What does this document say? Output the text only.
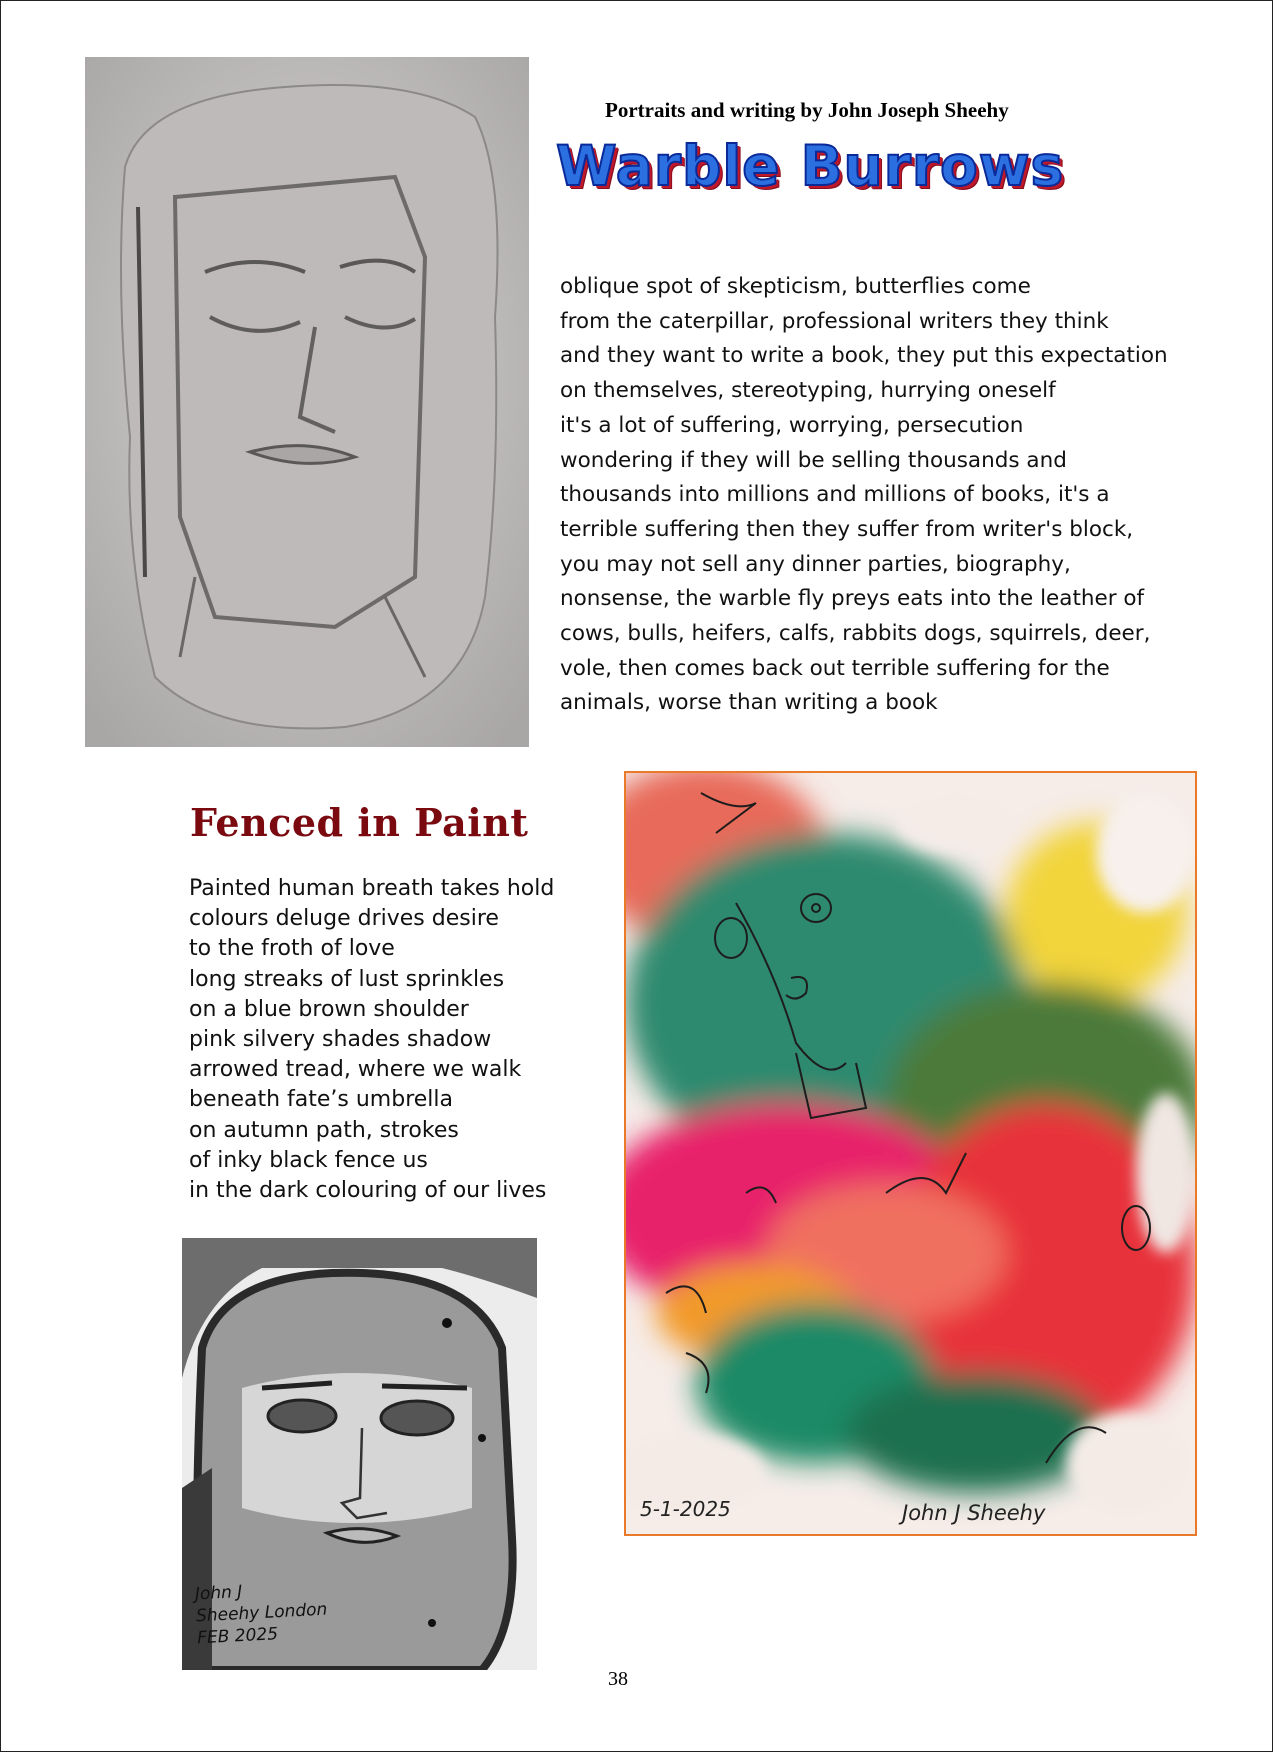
Portraits and writing by John Joseph Sheehy
Warble Burrows
oblique spot of skepticism, butterflies come
from the caterpillar, professional writers they think
and they want to write a book, they put this expectation
on themselves, stereotyping, hurrying oneself
it's a lot of suffering, worrying, persecution
wondering if they will be selling thousands and
thousands into millions and millions of books, it's a
terrible suffering then they suffer from writer's block,
you may not sell any dinner parties, biography,
nonsense, the warble fly preys eats into the leather of
cows, bulls, heifers, calfs, rabbits dogs, squirrels, deer,
vole, then comes back out terrible suffering for the
animals, worse than writing a book
Fenced in Paint
Painted human breath takes hold
colours deluge drives desire
to the froth of love
long streaks of lust sprinkles
on a blue brown shoulder
pink silvery shades shadow
arrowed tread, where we walk
beneath fate’s umbrella
on autumn path, strokes
of inky black fence us
in the dark colouring of our lives
John J
Sheehy London
FEB 2025
5-1-2025	John J Sheehy
38
